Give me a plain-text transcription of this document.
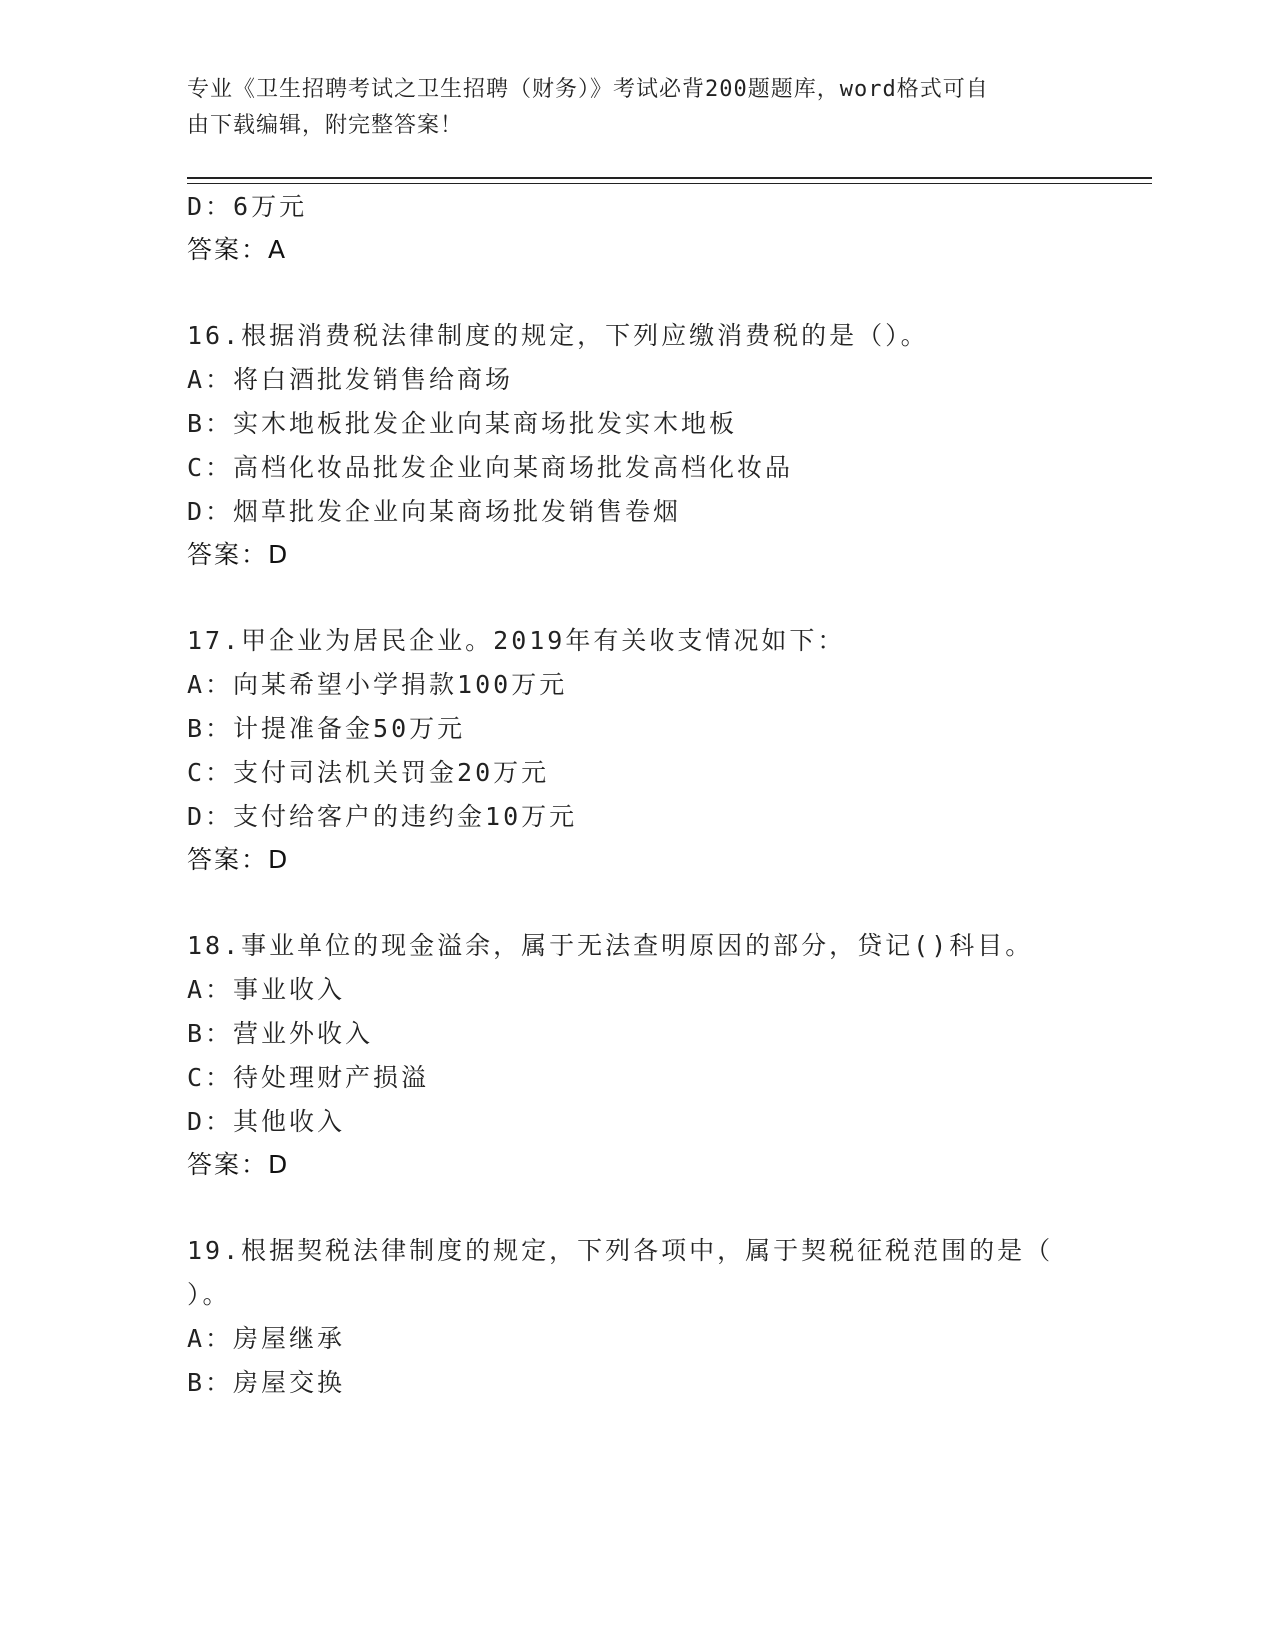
专业《卫生招聘考试之卫生招聘（财务）》考试必背200题题库，word格式可自
由下载编辑，附完整答案！
D：6万元
答案：A
16.根据消费税法律制度的规定，下列应缴消费税的是（）。
A：将白酒批发销售给商场
B：实木地板批发企业向某商场批发实木地板
C：高档化妆品批发企业向某商场批发高档化妆品
D：烟草批发企业向某商场批发销售卷烟
答案：D
17.甲企业为居民企业。2019年有关收支情况如下：
A：向某希望小学捐款100万元
B：计提准备金50万元
C：支付司法机关罚金20万元
D：支付给客户的违约金10万元
答案：D
18.事业单位的现金溢余，属于无法查明原因的部分，贷记()科目。
A：事业收入
B：营业外收入
C：待处理财产损溢
D：其他收入
答案：D
19.根据契税法律制度的规定，下列各项中，属于契税征税范围的是（
）。
A：房屋继承
B：房屋交换
